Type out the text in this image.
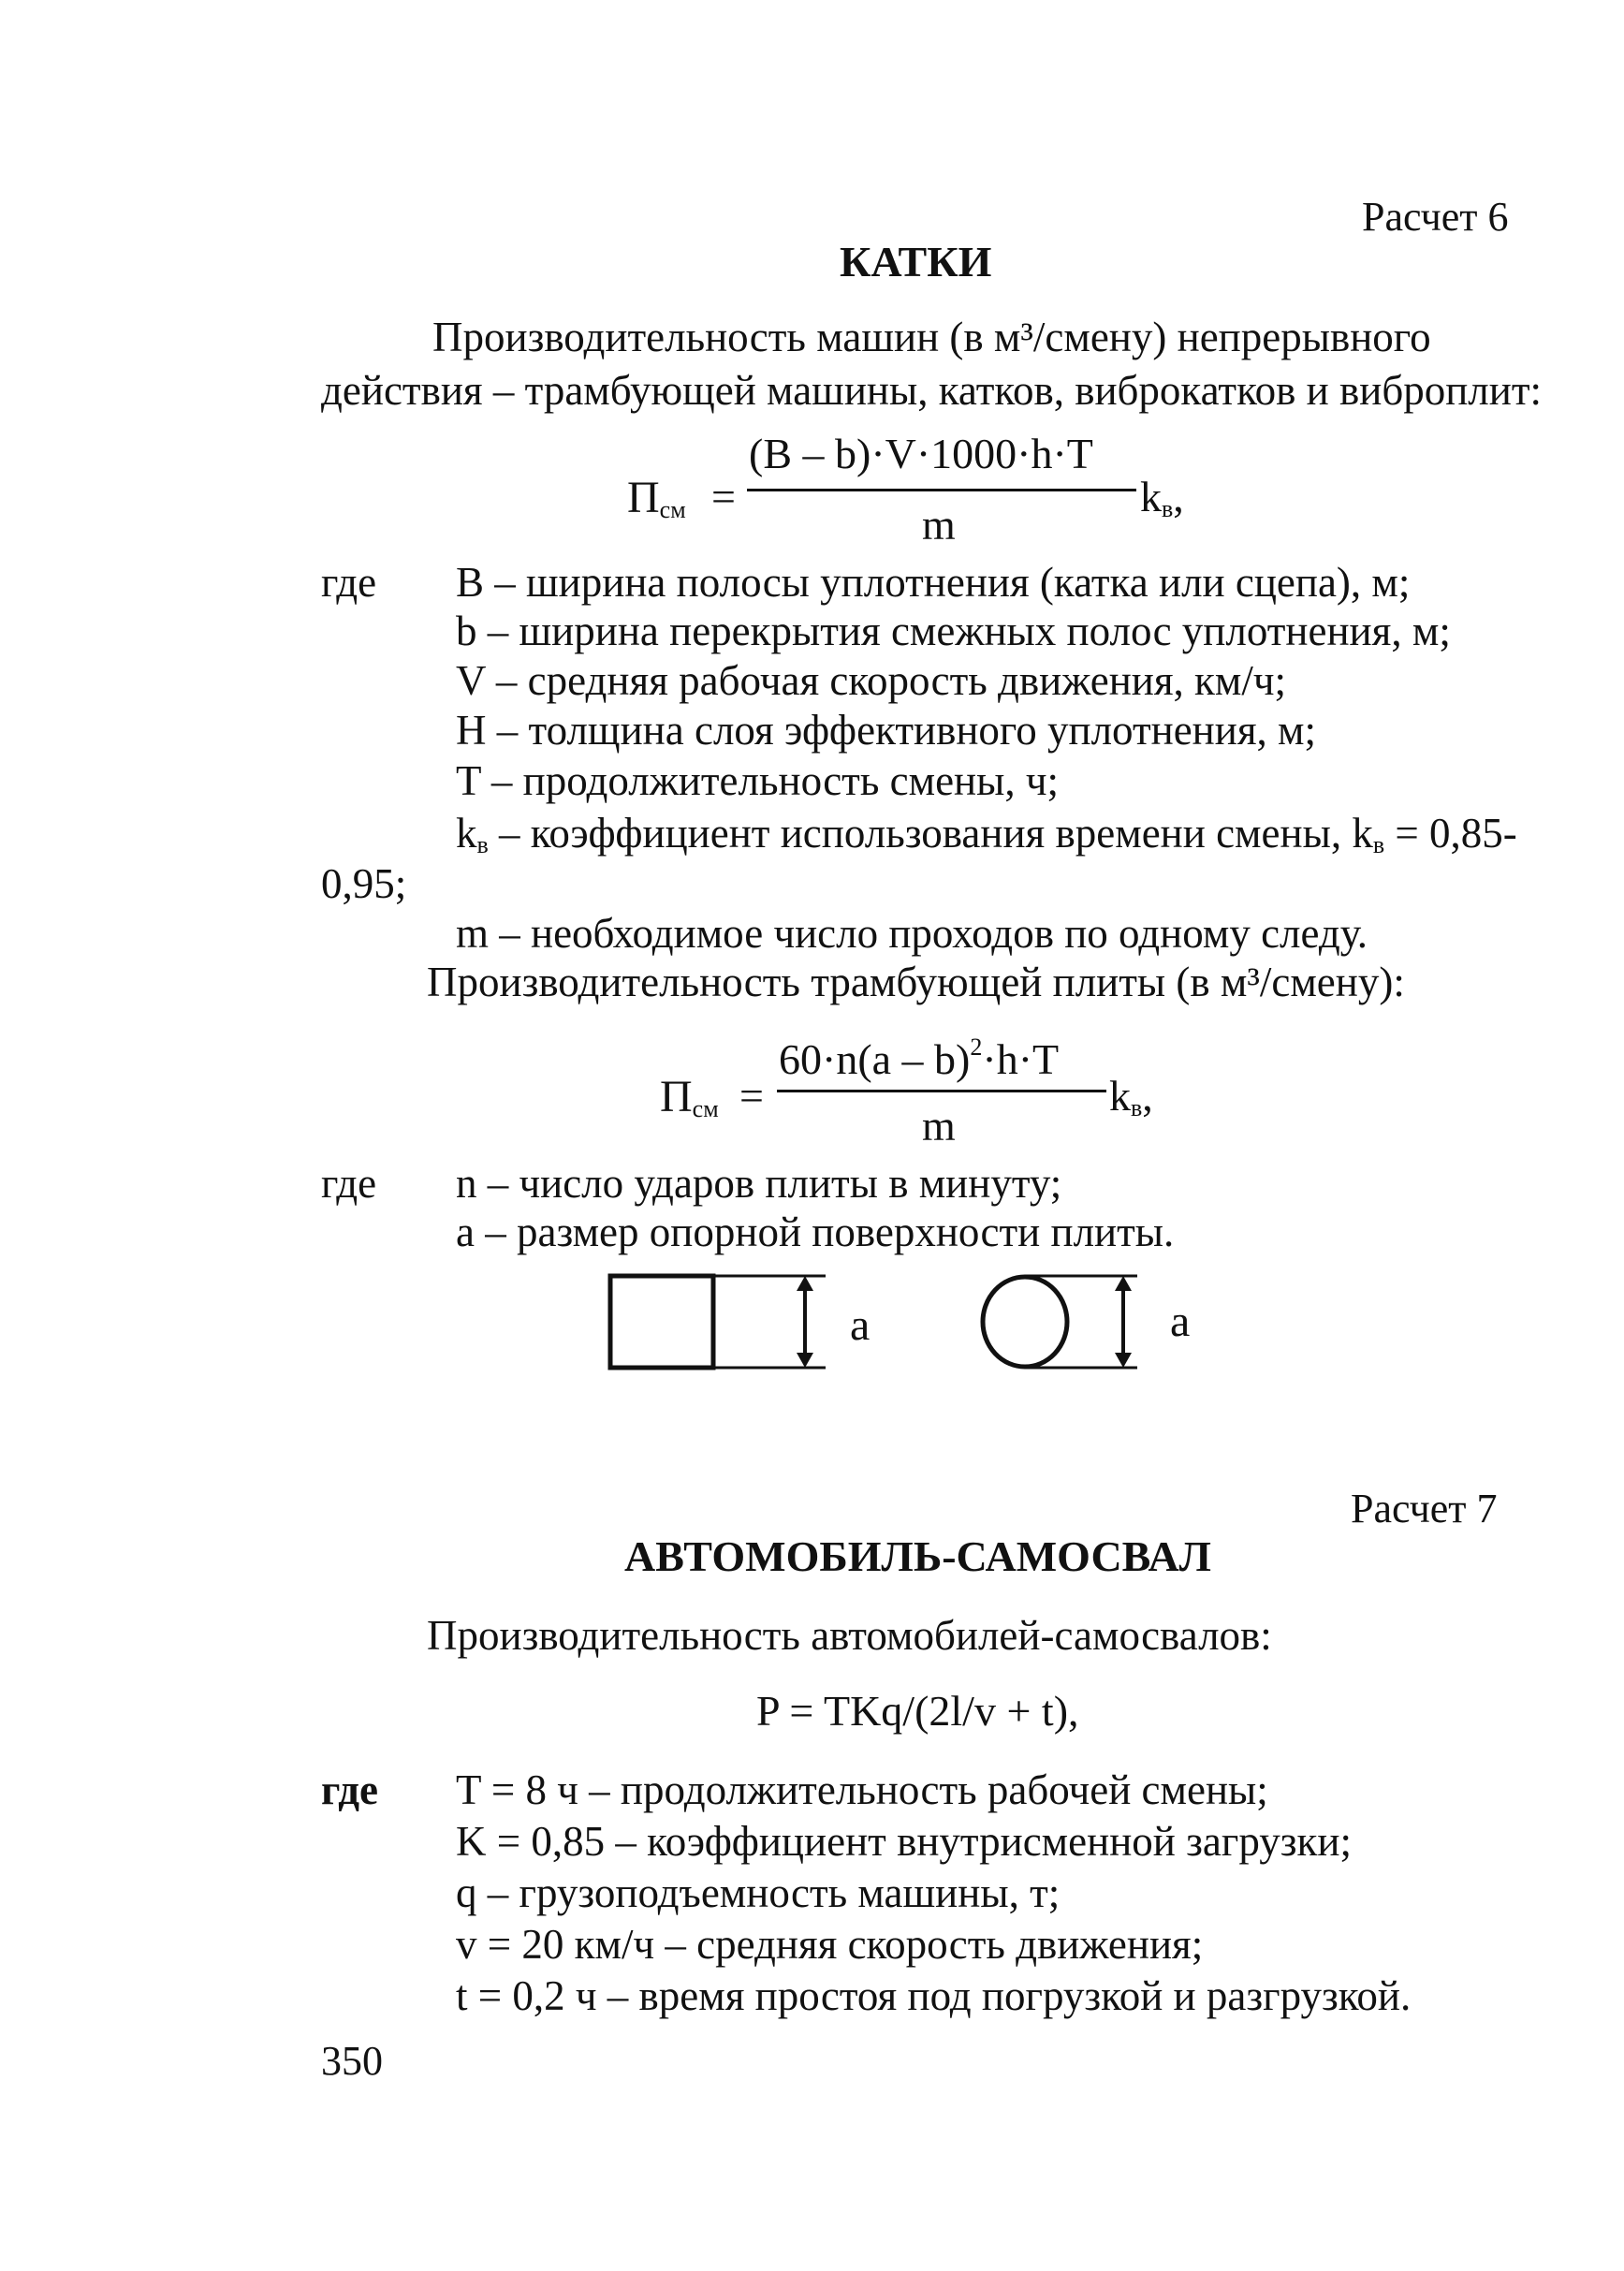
Расчет 6
КАТКИ
Производительность машин (в м³/смену) непрерывного
действия – трамбующей машины, катков, виброкатков и виброплит:
$П_{см}$ =
(B – b)·V·1000·h·T
m
$k_в$,
где B – ширина полосы уплотнения (катка или сцепа), м;
b – ширина перекрытия смежных полос уплотнения, м;
V – средняя рабочая скорость движения, км/ч;
H – толщина слоя эффективного уплотнения, м;
T – продолжительность смены, ч;
$k_в$ – коэффициент использования времени смены, $k_в = 0,85-$
0,95;
m – необходимое число проходов по одному следу.
Производительность трамбующей плиты (в м³/смену):
$П_{см}$ =
60·n(a – b)$^2$·h·T
m
$k_в$,
где n – число ударов плиты в минуту;
a – размер опорной поверхности плиты.
a	a
Расчет 7
АВТОМОБИЛЬ-САМОСВАЛ
Производительность автомобилей-самосвалов:
P = TKq/(2l/v + t),
где T = 8 ч – продолжительность рабочей смены;
K = 0,85 – коэффициент внутрисменной загрузки;
q – грузоподъемность машины, т;
v = 20 км/ч – средняя скорость движения;
t = 0,2 ч – время простоя под погрузкой и разгрузкой.
350
